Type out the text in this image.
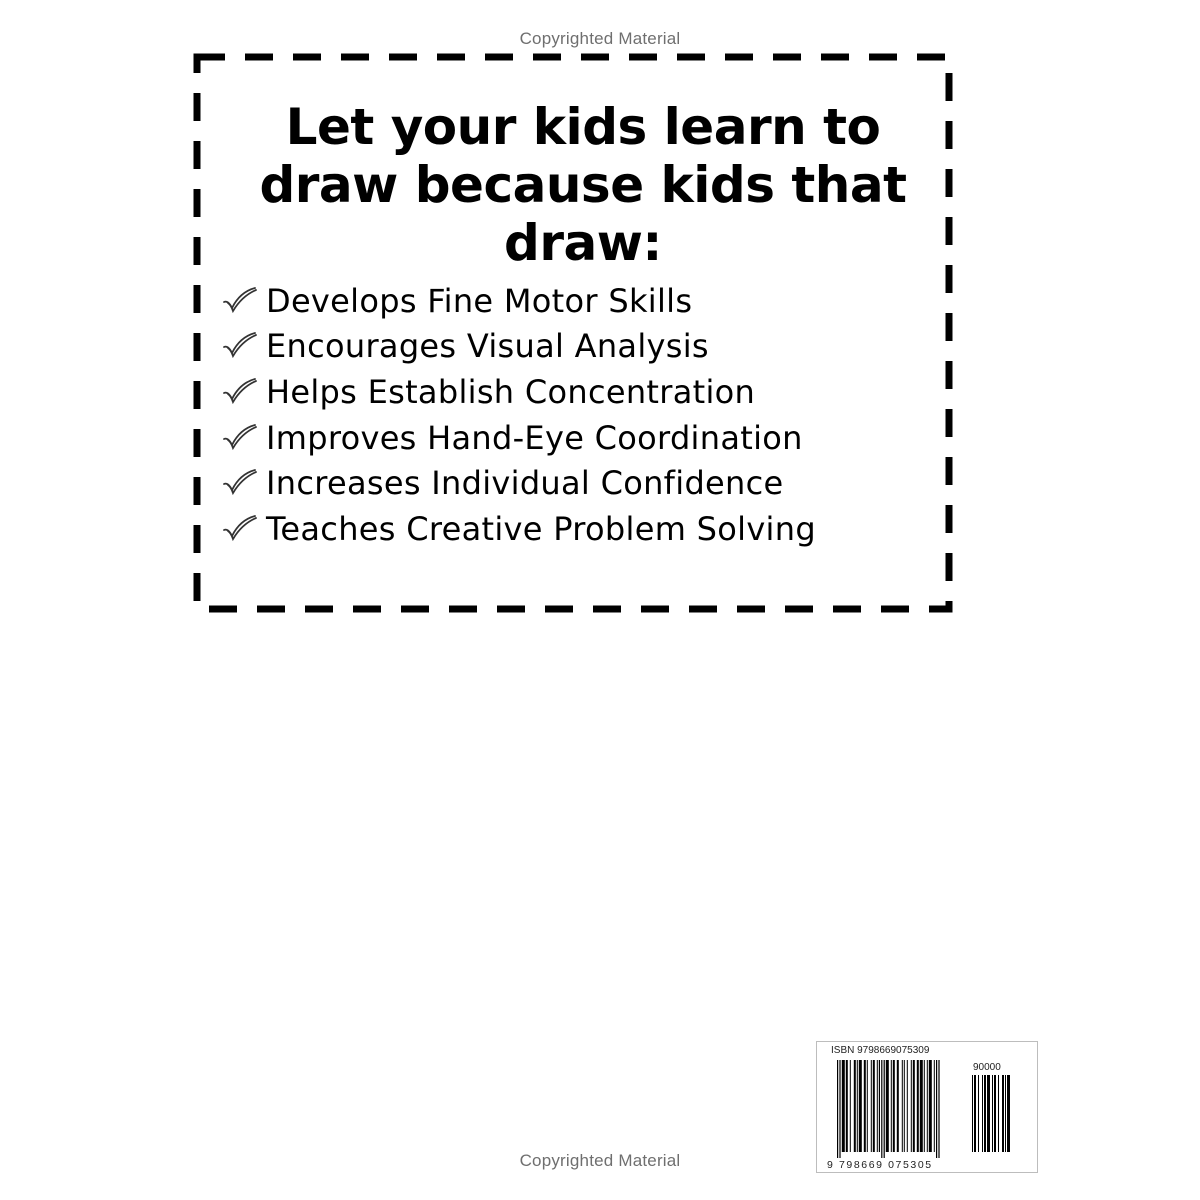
Copyrighted Material
Let your kids learn to
draw because kids that
draw:
Develops Fine Motor Skills
Encourages Visual Analysis
Helps Establish Concentration
Improves Hand-Eye Coordination
Increases Individual Confidence
Teaches Creative Problem Solving
ISBN 9798669075309
90000
9 798669 075305
Copyrighted Material
